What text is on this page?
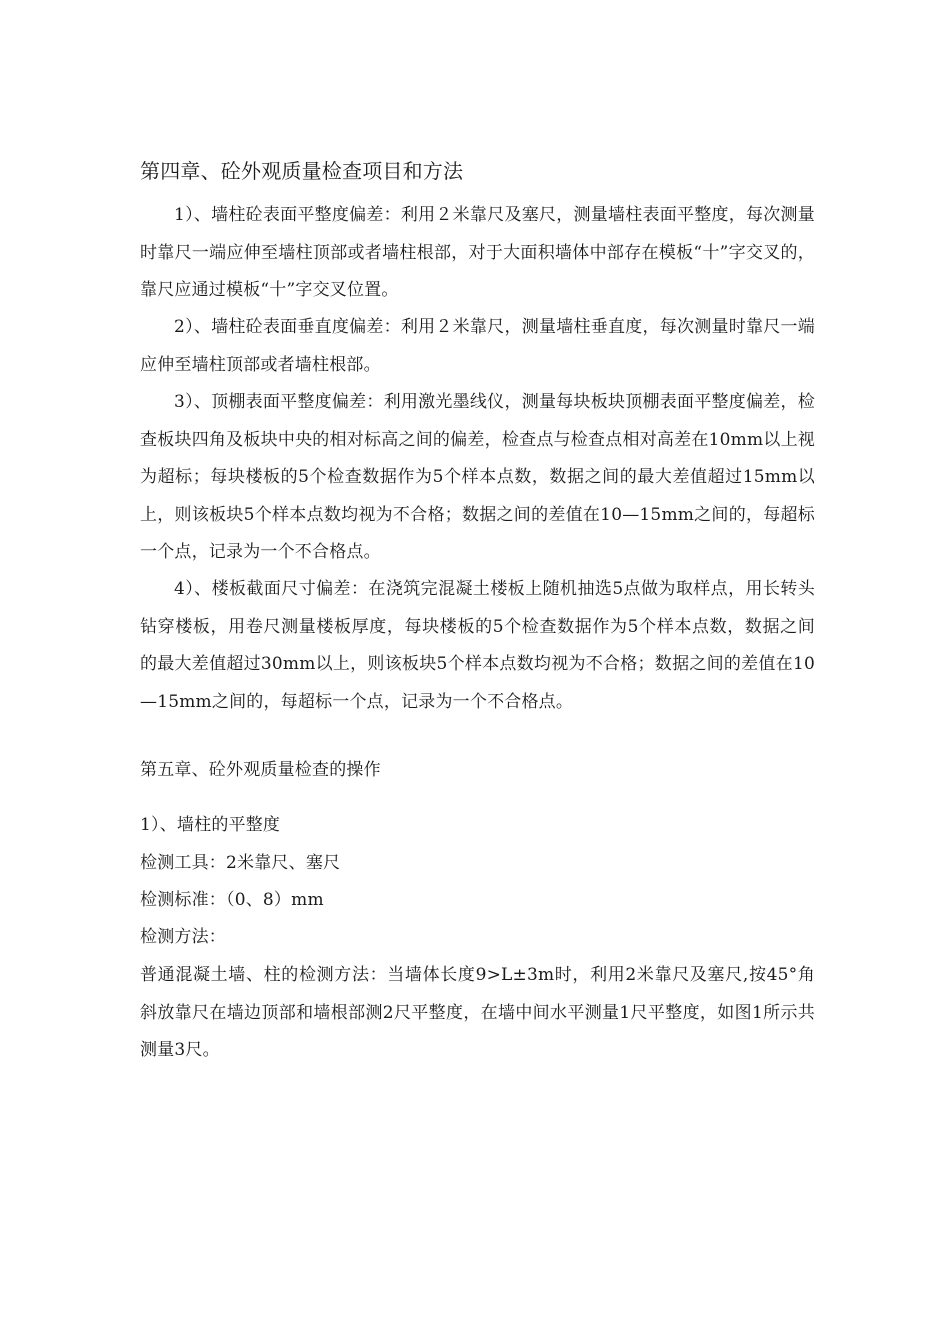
第四章、砼外观质量检查项目和方法

1）、墙柱砼表面平整度偏差：利用２米靠尺及塞尺，测量墙柱表面平整度，每次测量时靠尺一端应伸至墙柱顶部或者墙柱根部，对于大面积墙体中部存在模板“十”字交叉的，靠尺应通过模板“十”字交叉位置。

2）、墙柱砼表面垂直度偏差：利用２米靠尺，测量墙柱垂直度，每次测量时靠尺一端应伸至墙柱顶部或者墙柱根部。

3）、顶棚表面平整度偏差：利用激光墨线仪，测量每块板块顶棚表面平整度偏差，检查板块四角及板块中央的相对标高之间的偏差，检查点与检查点相对高差在10mm以上视为超标；每块楼板的5个检查数据作为5个样本点数，数据之间的最大差值超过15mm以上，则该板块5个样本点数均视为不合格；数据之间的差值在10—15mm之间的，每超标一个点，记录为一个不合格点。

4）、楼板截面尺寸偏差：在浇筑完混凝土楼板上随机抽选5点做为取样点，用长转头钻穿楼板，用卷尺测量楼板厚度，每块楼板的5个检查数据作为5个样本点数，数据之间的最大差值超过30mm以上，则该板块5个样本点数均视为不合格；数据之间的差值在10—15mm之间的，每超标一个点，记录为一个不合格点。

第五章、砼外观质量检查的操作
1）、墙柱的平整度
检测工具：2米靠尺、塞尺
检测标准：（0、8）mm
检测方法：

普通混凝土墙、柱的检测方法：当墙体长度9>L±3m时，利用2米靠尺及塞尺,按45°角斜放靠尺在墙边顶部和墙根部测2尺平整度，在墙中间水平测量1尺平整度，如图1所示共测量3尺。
